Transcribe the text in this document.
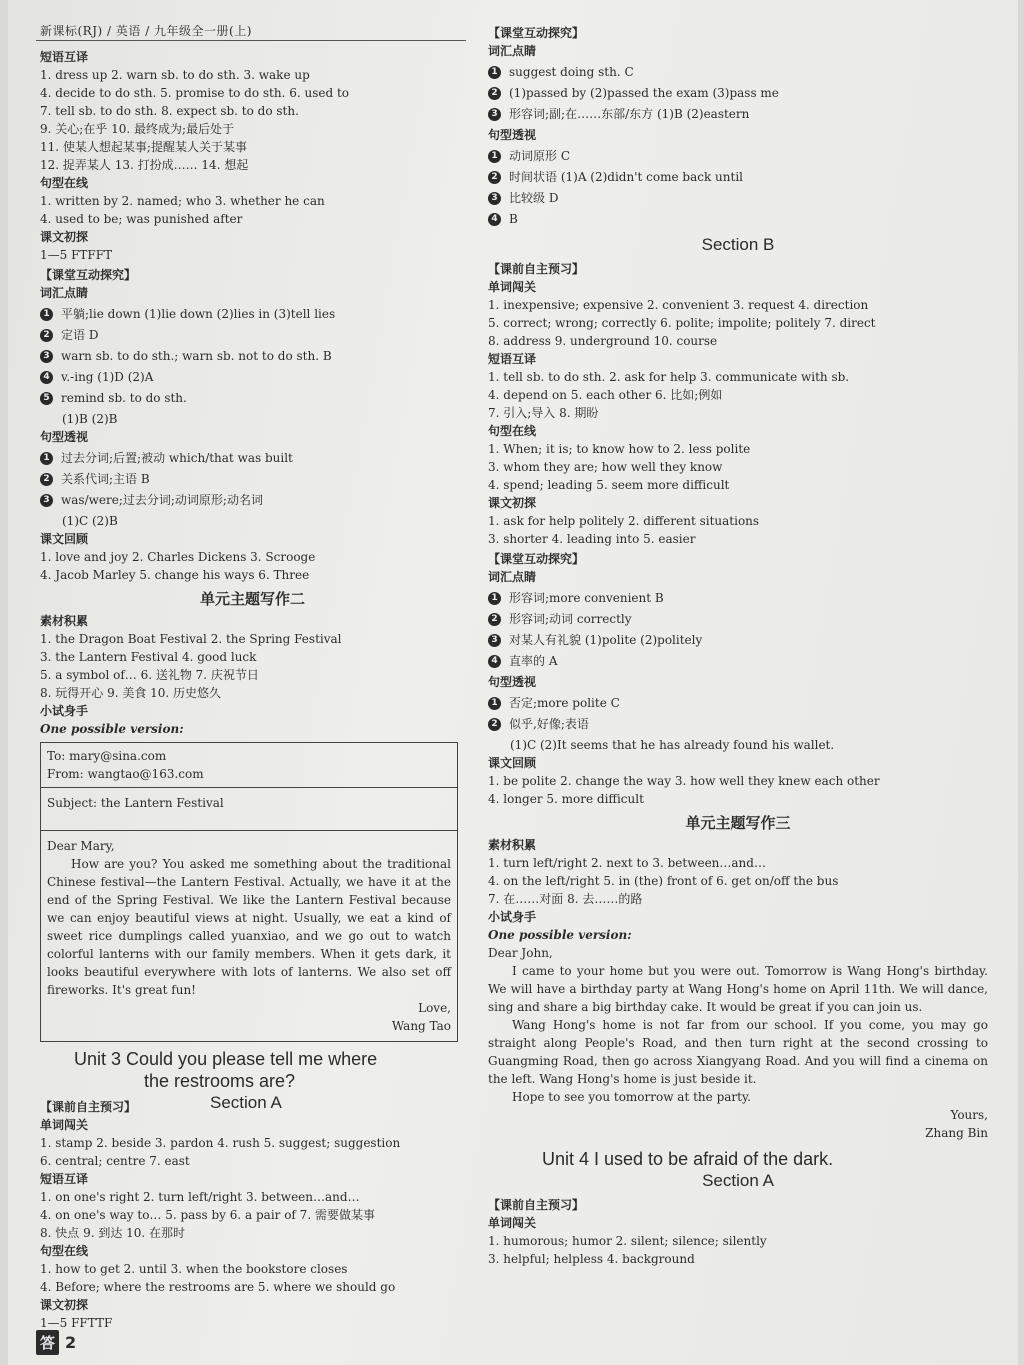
新课标(RJ) / 英语 / 九年级全一册(上)
短语互译
1. dress up 2. warn sb. to do sth. 3. wake up
4. decide to do sth. 5. promise to do sth. 6. used to
7. tell sb. to do sth. 8. expect sb. to do sth.
9. 关心;在乎 10. 最终成为;最后处于
11. 使某人想起某事;提醒某人关于某事
12. 捉弄某人 13. 打扮成…… 14. 想起
句型在线
1. written by 2. named; who 3. whether he can
4. used to be; was punished after
课文初探
1—5 FTFFT
【课堂互动探究】
词汇点睛
1 平躺;lie down (1)lie down (2)lies in (3)tell lies
2 定语 D
3 warn sb. to do sth.; warn sb. not to do sth. B
4 v.-ing (1)D (2)A
5 remind sb. to do sth.
(1)B (2)B
句型透视
1 过去分词;后置;被动 which/that was built
2 关系代词;主语 B
3 was/were;过去分词;动词原形;动名词
(1)C (2)B
课文回顾
1. love and joy 2. Charles Dickens 3. Scrooge
4. Jacob Marley 5. change his ways 6. Three
单元主题写作二
素材积累
1. the Dragon Boat Festival 2. the Spring Festival
3. the Lantern Festival 4. good luck
5. a symbol of… 6. 送礼物 7. 庆祝节日
8. 玩得开心 9. 美食 10. 历史悠久
小试身手
One possible version:
To: mary@sina.com
From: wangtao@163.com
Subject: the Lantern Festival
Dear Mary,
How are you? You asked me something about the traditional Chinese festival—the Lantern Festival. Actually, we have it at the end of the Spring Festival. We like the Lantern Festival because we can enjoy beautiful views at night. Usually, we eat a kind of sweet rice dumplings called yuanxiao, and we go out to watch colorful lanterns with our family members. When it gets dark, it looks beautiful everywhere with lots of lanterns. We also set off fireworks. It's great fun!
Love,
Wang Tao
Unit 3 Could you please tell me where
the restrooms are?
【课前自主预习】	Section A
单词闯关
1. stamp 2. beside 3. pardon 4. rush 5. suggest; suggestion
6. central; centre 7. east
短语互译
1. on one's right 2. turn left/right 3. between…and…
4. on one's way to… 5. pass by 6. a pair of 7. 需要做某事
8. 快点 9. 到达 10. 在那时
句型在线
1. how to get 2. until 3. when the bookstore closes
4. Before; where the restrooms are 5. where we should go
课文初探
1—5 FFTTF
【课堂互动探究】
词汇点睛
1 suggest doing sth. C
2 (1)passed by (2)passed the exam (3)pass me
3 形容词;副;在……东部/东方 (1)B (2)eastern
句型透视
1 动词原形 C
2 时间状语 (1)A (2)didn't come back until
3 比较级 D
4 B
Section B
【课前自主预习】
单词闯关
1. inexpensive; expensive 2. convenient 3. request 4. direction
5. correct; wrong; correctly 6. polite; impolite; politely 7. direct
8. address 9. underground 10. course
短语互译
1. tell sb. to do sth. 2. ask for help 3. communicate with sb.
4. depend on 5. each other 6. 比如;例如
7. 引入;导入 8. 期盼
句型在线
1. When; it is; to know how to 2. less polite
3. whom they are; how well they know
4. spend; leading 5. seem more difficult
课文初探
1. ask for help politely 2. different situations
3. shorter 4. leading into 5. easier
【课堂互动探究】
词汇点睛
1 形容词;more convenient B
2 形容词;动词 correctly
3 对某人有礼貌 (1)polite (2)politely
4 直率的 A
句型透视
1 否定;more polite C
2 似乎,好像;表语
(1)C (2)It seems that he has already found his wallet.
课文回顾
1. be polite 2. change the way 3. how well they knew each other
4. longer 5. more difficult
单元主题写作三
素材积累
1. turn left/right 2. next to 3. between…and…
4. on the left/right 5. in (the) front of 6. get on/off the bus
7. 在……对面 8. 去……的路
小试身手
One possible version:
Dear John,
I came to your home but you were out. Tomorrow is Wang Hong's birthday. We will have a birthday party at Wang Hong's home on April 11th. We will dance, sing and share a big birthday cake. It would be great if you can join us.
Wang Hong's home is not far from our school. If you come, you may go straight along People's Road, and then turn right at the second crossing to Guangming Road, then go across Xiangyang Road. And you will find a cinema on the left. Wang Hong's home is just beside it.
Hope to see you tomorrow at the party.
Yours,
Zhang Bin
Unit 4 I used to be afraid of the dark.
Section A
【课前自主预习】
单词闯关
1. humorous; humor 2. silent; silence; silently
3. helpful; helpless 4. background
答 2
